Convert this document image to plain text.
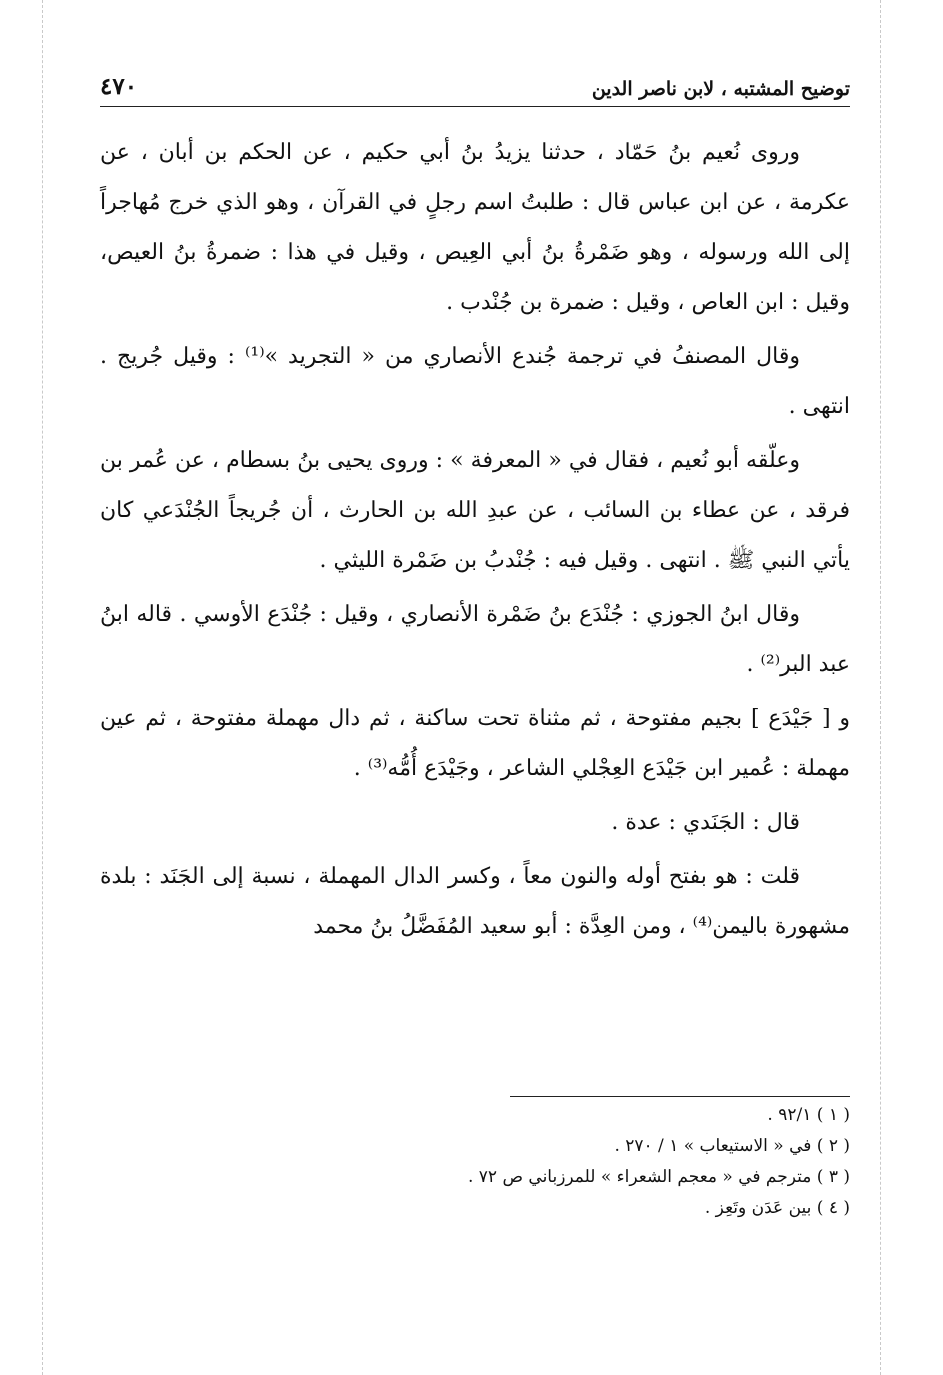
توضيح المشتبه ، لابن ناصر الدين
٤٧٠

وروى نُعيم بنُ حَمّاد ، حدثنا يزيدُ بنُ أبي حكيم ، عن الحكم بن أبان ، عن عكرمة ، عن ابن عباس قال : طلبتُ اسم رجلٍ في القرآن ، وهو الذي خرج مُهاجراً إلى الله ورسوله ، وهو ضَمْرةُ بنُ أبي العِيص ، وقيل في هذا : ضمرةُ بنُ العيص، وقيل : ابن العاص ، وقيل : ضمرة بن جُنْدب .

وقال المصنفُ في ترجمة جُندع الأنصاري من « التجريد »⁽¹⁾ : وقيل جُريج . انتهى .

وعلّقه أبو نُعيم ، فقال في « المعرفة » : وروى يحيى بنُ بسطام ، عن عُمر بن فرقد ، عن عطاء بن السائب ، عن عبدِ الله بن الحارث ، أن جُريجاً الجُنْدَعي كان يأتي النبي ﷺ . انتهى . وقيل فيه : جُنْدبُ بن ضَمْرة الليثي .

وقال ابنُ الجوزي : جُنْدَع بنُ ضَمْرة الأنصاري ، وقيل : جُنْدَع الأوسي . قاله ابنُ عبد البر⁽²⁾ .

و [ جَيْدَع ] بجيم مفتوحة ، ثم مثناة تحت ساكنة ، ثم دال مهملة مفتوحة ، ثم عين مهملة : عُمير ابن جَيْدَع العِجْلي الشاعر ، وجَيْدَع أُمُّه⁽³⁾ .

قال : الجَنَدي : عدة .

قلت : هو بفتح أوله والنون معاً ، وكسر الدال المهملة ، نسبة إلى الجَنَد : بلدة مشهورة باليمن⁽⁴⁾ ، ومن العِدَّة : أبو سعيد المُفَضَّلُ بنُ محمد

( ١ ) ٩٢/١ .
( ٢ ) في « الاستيعاب » ١ / ٢٧٠ .
( ٣ ) مترجم في « معجم الشعراء » للمرزباني ص ٧٢ .
( ٤ ) بين عَدَن وتَعِز .
